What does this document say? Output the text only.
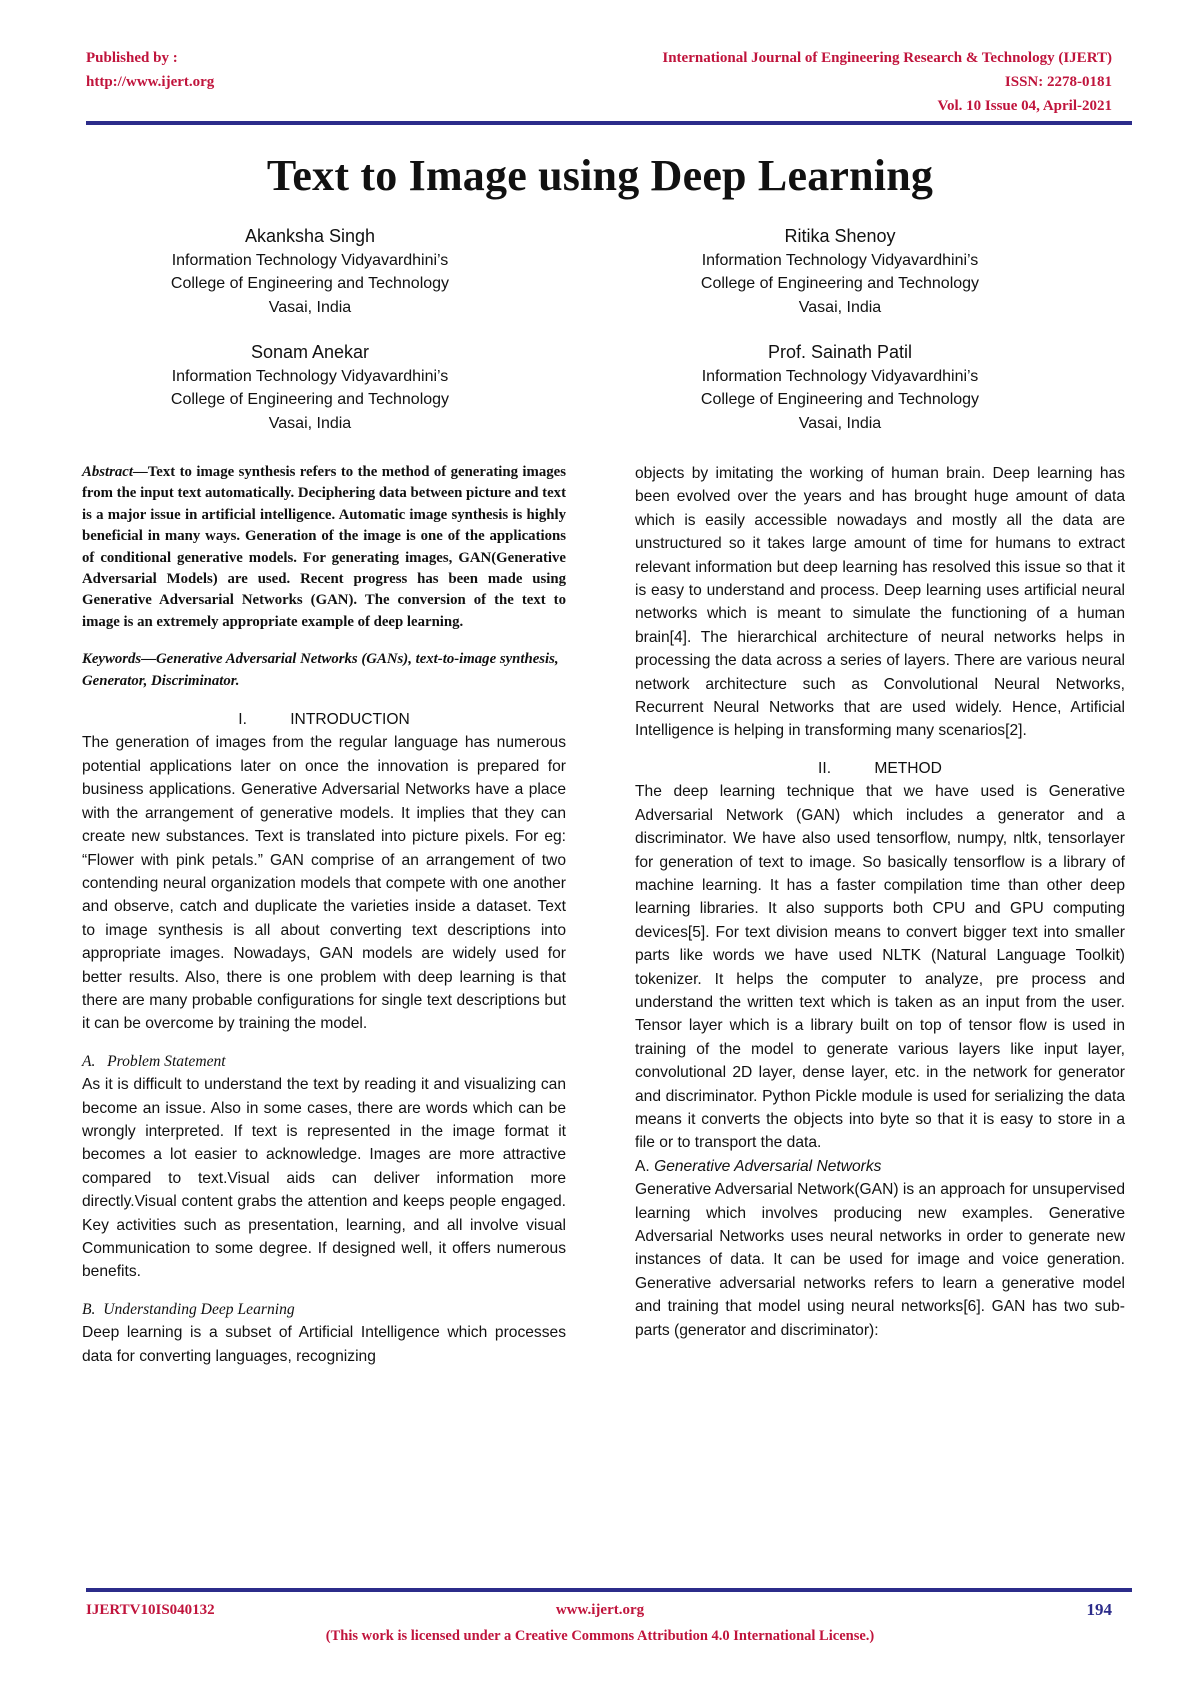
Published by :
http://www.ijert.org
International Journal of Engineering Research & Technology (IJERT)
ISSN: 2278-0181
Vol. 10 Issue 04, April-2021
Text to Image using Deep Learning
Akanksha Singh
Information Technology Vidyavardhini’s
College of Engineering and Technology
Vasai, India
Ritika Shenoy
Information Technology Vidyavardhini’s
College of Engineering and Technology
Vasai, India
Sonam Anekar
Information Technology Vidyavardhini’s
College of Engineering and Technology
Vasai, India
Prof. Sainath Patil
Information Technology Vidyavardhini’s
College of Engineering and Technology
Vasai, India

Abstract—Text to image synthesis refers to the method of generating images from the input text automatically. Deciphering data between picture and text is a major issue in artificial intelligence. Automatic image synthesis is highly beneficial in many ways. Generation of the image is one of the applications of conditional generative models. For generating images, GAN(Generative Adversarial Models) are used. Recent progress has been made using Generative Adversarial Networks (GAN). The conversion of the text to image is an extremely appropriate example of deep learning.

Keywords—Generative Adversarial Networks (GANs), text-to-image synthesis, Generator, Discriminator.

I.          INTRODUCTION

The generation of images from the regular language has numerous potential applications later on once the innovation is prepared for business applications. Generative Adversarial Networks have a place with the arrangement of generative models. It implies that they can create new substances. Text is translated into picture pixels. For eg: “Flower with pink petals.” GAN comprise of an arrangement of two contending neural organization models that compete with one another and observe, catch and duplicate the varieties inside a dataset. Text to image synthesis is all about converting text descriptions into appropriate images. Nowadays, GAN models are widely used for better results. Also, there is one problem with deep learning is that there are many probable configurations for single text descriptions but it can be overcome by training the model.

A.   Problem Statement

As it is difficult to understand the text by reading it and visualizing can become an issue. Also in some cases, there are words which can be wrongly interpreted. If text is represented in the image format it becomes a lot easier to acknowledge. Images are more attractive compared to text.Visual aids can deliver information more directly.Visual content grabs the attention and keeps people engaged. Key activities such as presentation, learning, and all involve visual Communication to some degree. If designed well, it offers numerous benefits.

B.  Understanding Deep Learning

Deep learning is a subset of Artificial Intelligence which processes data for converting languages, recognizing

objects by imitating the working of human brain. Deep learning has been evolved over the years and has brought huge amount of data which is easily accessible nowadays and mostly all the data are unstructured so it takes large amount of time for humans to extract relevant information but deep learning has resolved this issue so that it is easy to understand and process. Deep learning uses artificial neural networks which is meant to simulate the functioning of a human brain[4]. The hierarchical architecture of neural networks helps in processing the data across a series of layers. There are various neural network architecture such as Convolutional Neural Networks, Recurrent Neural Networks that are used widely. Hence, Artificial Intelligence is helping in transforming many scenarios[2].

II.          METHOD

The deep learning technique that we have used is Generative Adversarial Network (GAN) which includes a generator and a discriminator. We have also used tensorflow, numpy, nltk, tensorlayer for generation of text to image. So basically tensorflow is a library of machine learning. It has a faster compilation time than other deep learning libraries. It also supports both CPU and GPU computing devices[5]. For text division means to convert bigger text into smaller parts like words we have used NLTK (Natural Language Toolkit) tokenizer. It helps the computer to analyze, pre process and understand the written text which is taken as an input from the user. Tensor layer which is a library built on top of tensor flow is used in training of the model to generate various layers like input layer, convolutional 2D layer, dense layer, etc. in the network for generator and discriminator. Python Pickle module is used for serializing the data means it converts the objects into byte so that it is easy to store in a file or to transport the data.

A. Generative Adversarial Networks

Generative Adversarial Network(GAN) is an approach for unsupervised learning which involves producing new examples. Generative Adversarial Networks uses neural networks in order to generate new instances of data. It can be used for image and voice generation. Generative adversarial networks refers to learn a generative model and training that model using neural networks[6]. GAN has two sub-parts (generator and discriminator):

IJERTV10IS040132	www.ijert.org	194
(This work is licensed under a Creative Commons Attribution 4.0 International License.)
